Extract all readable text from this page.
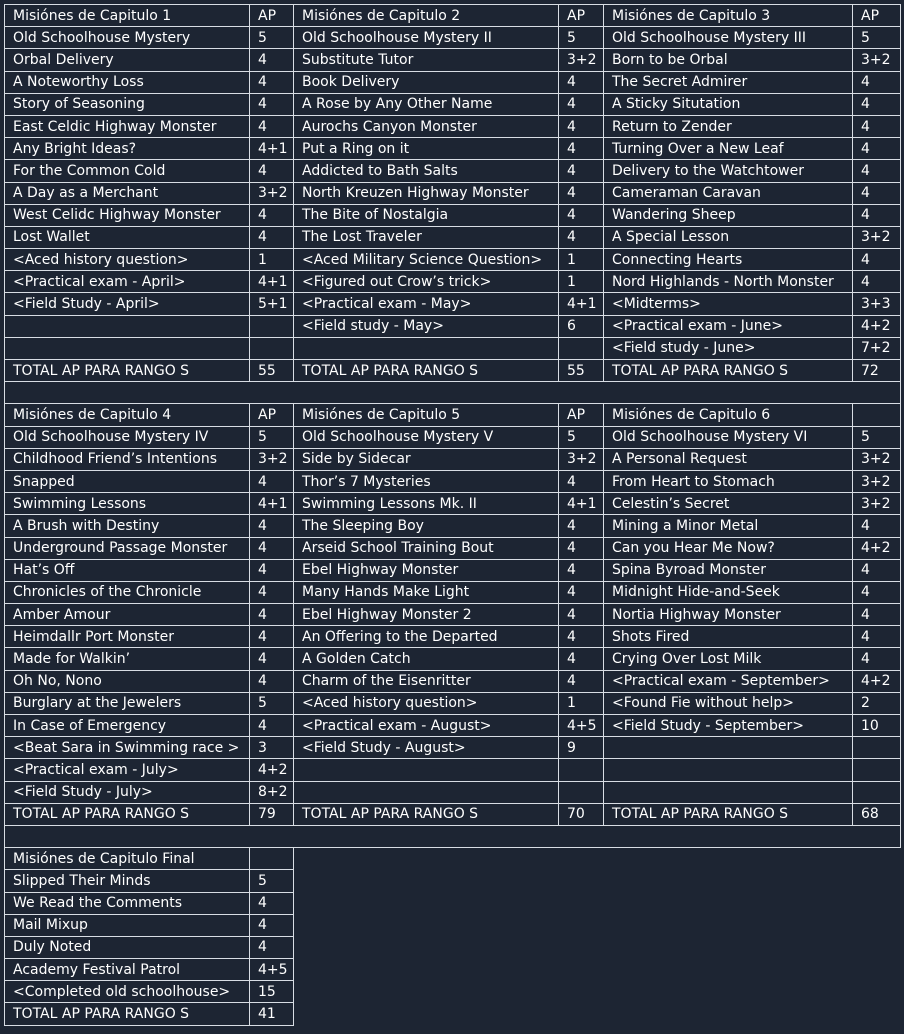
Misiónes de Capitulo 1	AP	Misiónes de Capitulo 2	AP	Misiónes de Capitulo 3	AP
Old Schoolhouse Mystery	5	Old Schoolhouse Mystery II	5	Old Schoolhouse Mystery III	5
Orbal Delivery	4	Substitute Tutor	3+2	Born to be Orbal	3+2
A Noteworthy Loss	4	Book Delivery	4	The Secret Admirer	4
Story of Seasoning	4	A Rose by Any Other Name	4	A Sticky Situtation	4
East Celdic Highway Monster	4	Aurochs Canyon Monster	4	Return to Zender	4
Any Bright Ideas?	4+1	Put a Ring on it	4	Turning Over a New Leaf	4
For the Common Cold	4	Addicted to Bath Salts	4	Delivery to the Watchtower	4
A Day as a Merchant	3+2	North Kreuzen Highway Monster	4	Cameraman Caravan	4
West Celidc Highway Monster	4	The Bite of Nostalgia	4	Wandering Sheep	4
Lost Wallet	4	The Lost Traveler	4	A Special Lesson	3+2
<Aced history question>	1	<Aced Military Science Question>	1	Connecting Hearts	4
<Practical exam - April>	4+1	<Figured out Crow’s trick>	1	Nord Highlands - North Monster	4
<Field Study - April>	5+1	<Practical exam - May>	4+1	<Midterms>	3+3
		<Field study - May>	6	<Practical exam - June>	4+2
				<Field study - June>	7+2
TOTAL AP PARA RANGO S	55	TOTAL AP PARA RANGO S	55	TOTAL AP PARA RANGO S	72

Misiónes de Capitulo 4	AP	Misiónes de Capitulo 5	AP	Misiónes de Capitulo 6	
Old Schoolhouse Mystery IV	5	Old Schoolhouse Mystery V	5	Old Schoolhouse Mystery VI	5
Childhood Friend’s Intentions	3+2	Side by Sidecar	3+2	A Personal Request	3+2
Snapped	4	Thor’s 7 Mysteries	4	From Heart to Stomach	3+2
Swimming Lessons	4+1	Swimming Lessons Mk. II	4+1	Celestin’s Secret	3+2
A Brush with Destiny	4	The Sleeping Boy	4	Mining a Minor Metal	4
Underground Passage Monster	4	Arseid School Training Bout	4	Can you Hear Me Now?	4+2
Hat’s Off	4	Ebel Highway Monster	4	Spina Byroad Monster	4
Chronicles of the Chronicle	4	Many Hands Make Light	4	Midnight Hide-and-Seek	4
Amber Amour	4	Ebel Highway Monster 2	4	Nortia Highway Monster	4
Heimdallr Port Monster	4	An Offering to the Departed	4	Shots Fired	4
Made for Walkin’	4	A Golden Catch	4	Crying Over Lost Milk	4
Oh No, Nono	4	Charm of the Eisenritter	4	<Practical exam - September>	4+2
Burglary at the Jewelers	5	<Aced history question>	1	<Found Fie without help>	2
In Case of Emergency	4	<Practical exam - August>	4+5	<Field Study - September>	10
<Beat Sara in Swimming race >	3	<Field Study - August>	9		
<Practical exam - July>	4+2				
<Field Study - July>	8+2				
TOTAL AP PARA RANGO S	79	TOTAL AP PARA RANGO S	70	TOTAL AP PARA RANGO S	68

Misiónes de Capitulo Final					
Slipped Their Minds	5				
We Read the Comments	4				
Mail Mixup	4				
Duly Noted	4				
Academy Festival Patrol	4+5				
<Completed old schoolhouse>	15				
TOTAL AP PARA RANGO S	41				
